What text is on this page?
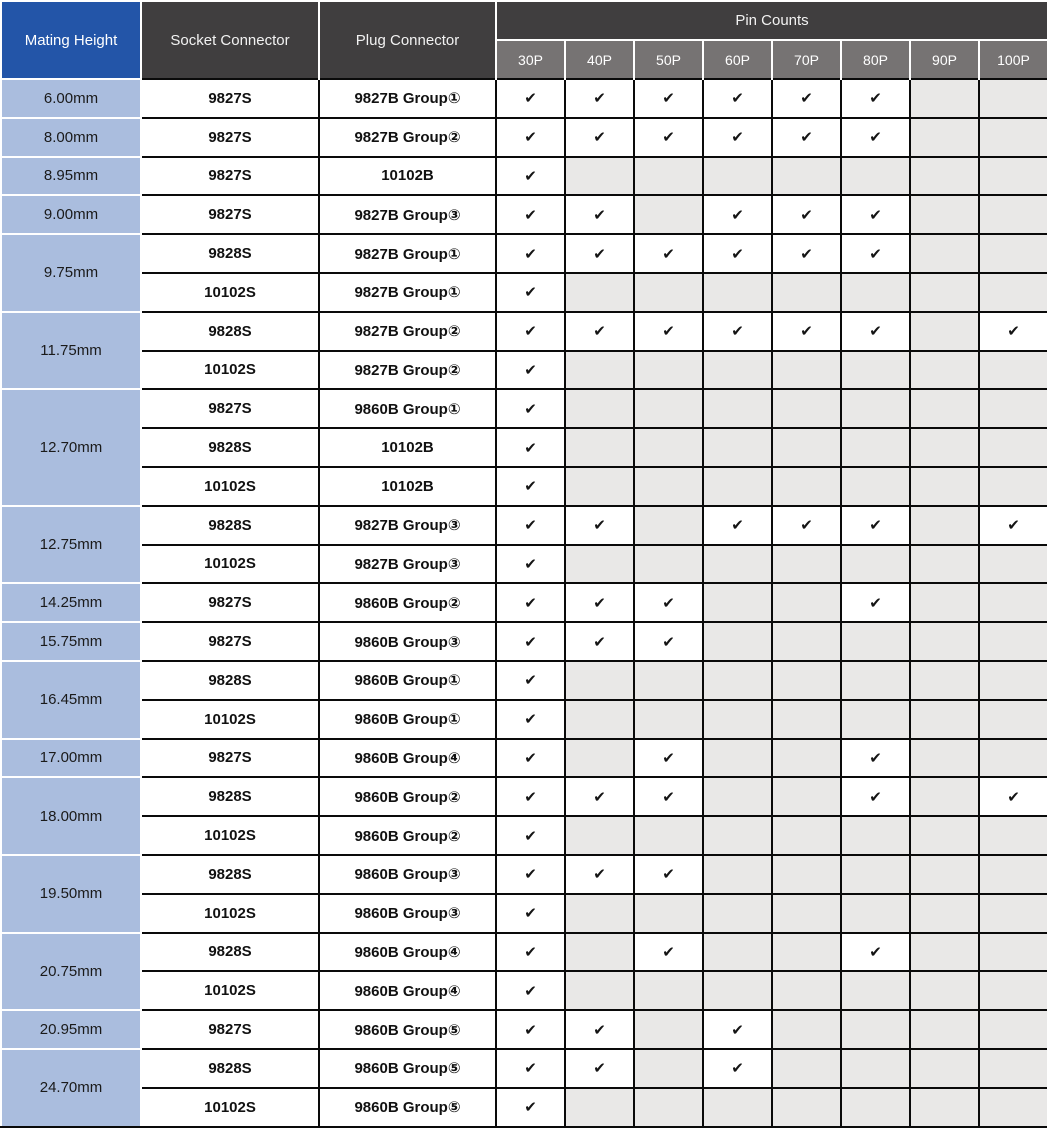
Mating Height	Socket Connector	Plug Connector	Pin Counts							
			30P	40P	50P	60P	70P	80P	90P	100P
6.00mm	9827S	9827B Group①	✔	✔	✔	✔	✔	✔		
8.00mm	9827S	9827B Group②	✔	✔	✔	✔	✔	✔		
8.95mm	9827S	10102B	✔							
9.00mm	9827S	9827B Group③	✔	✔		✔	✔	✔		
9.75mm	9828S	9827B Group①	✔	✔	✔	✔	✔	✔		
	10102S	9827B Group①	✔							
11.75mm	9828S	9827B Group②	✔	✔	✔	✔	✔	✔		✔
	10102S	9827B Group②	✔							
12.70mm	9827S	9860B Group①	✔							
	9828S	10102B	✔							
	10102S	10102B	✔							
12.75mm	9828S	9827B Group③	✔	✔		✔	✔	✔		✔
	10102S	9827B Group③	✔							
14.25mm	9827S	9860B Group②	✔	✔	✔			✔		
15.75mm	9827S	9860B Group③	✔	✔	✔					
16.45mm	9828S	9860B Group①	✔							
	10102S	9860B Group①	✔							
17.00mm	9827S	9860B Group④	✔		✔			✔		
18.00mm	9828S	9860B Group②	✔	✔	✔			✔		✔
	10102S	9860B Group②	✔							
19.50mm	9828S	9860B Group③	✔	✔	✔					
	10102S	9860B Group③	✔							
20.75mm	9828S	9860B Group④	✔		✔			✔		
	10102S	9860B Group④	✔							
20.95mm	9827S	9860B Group⑤	✔	✔		✔				
24.70mm	9828S	9860B Group⑤	✔	✔		✔				
	10102S	9860B Group⑤	✔							
